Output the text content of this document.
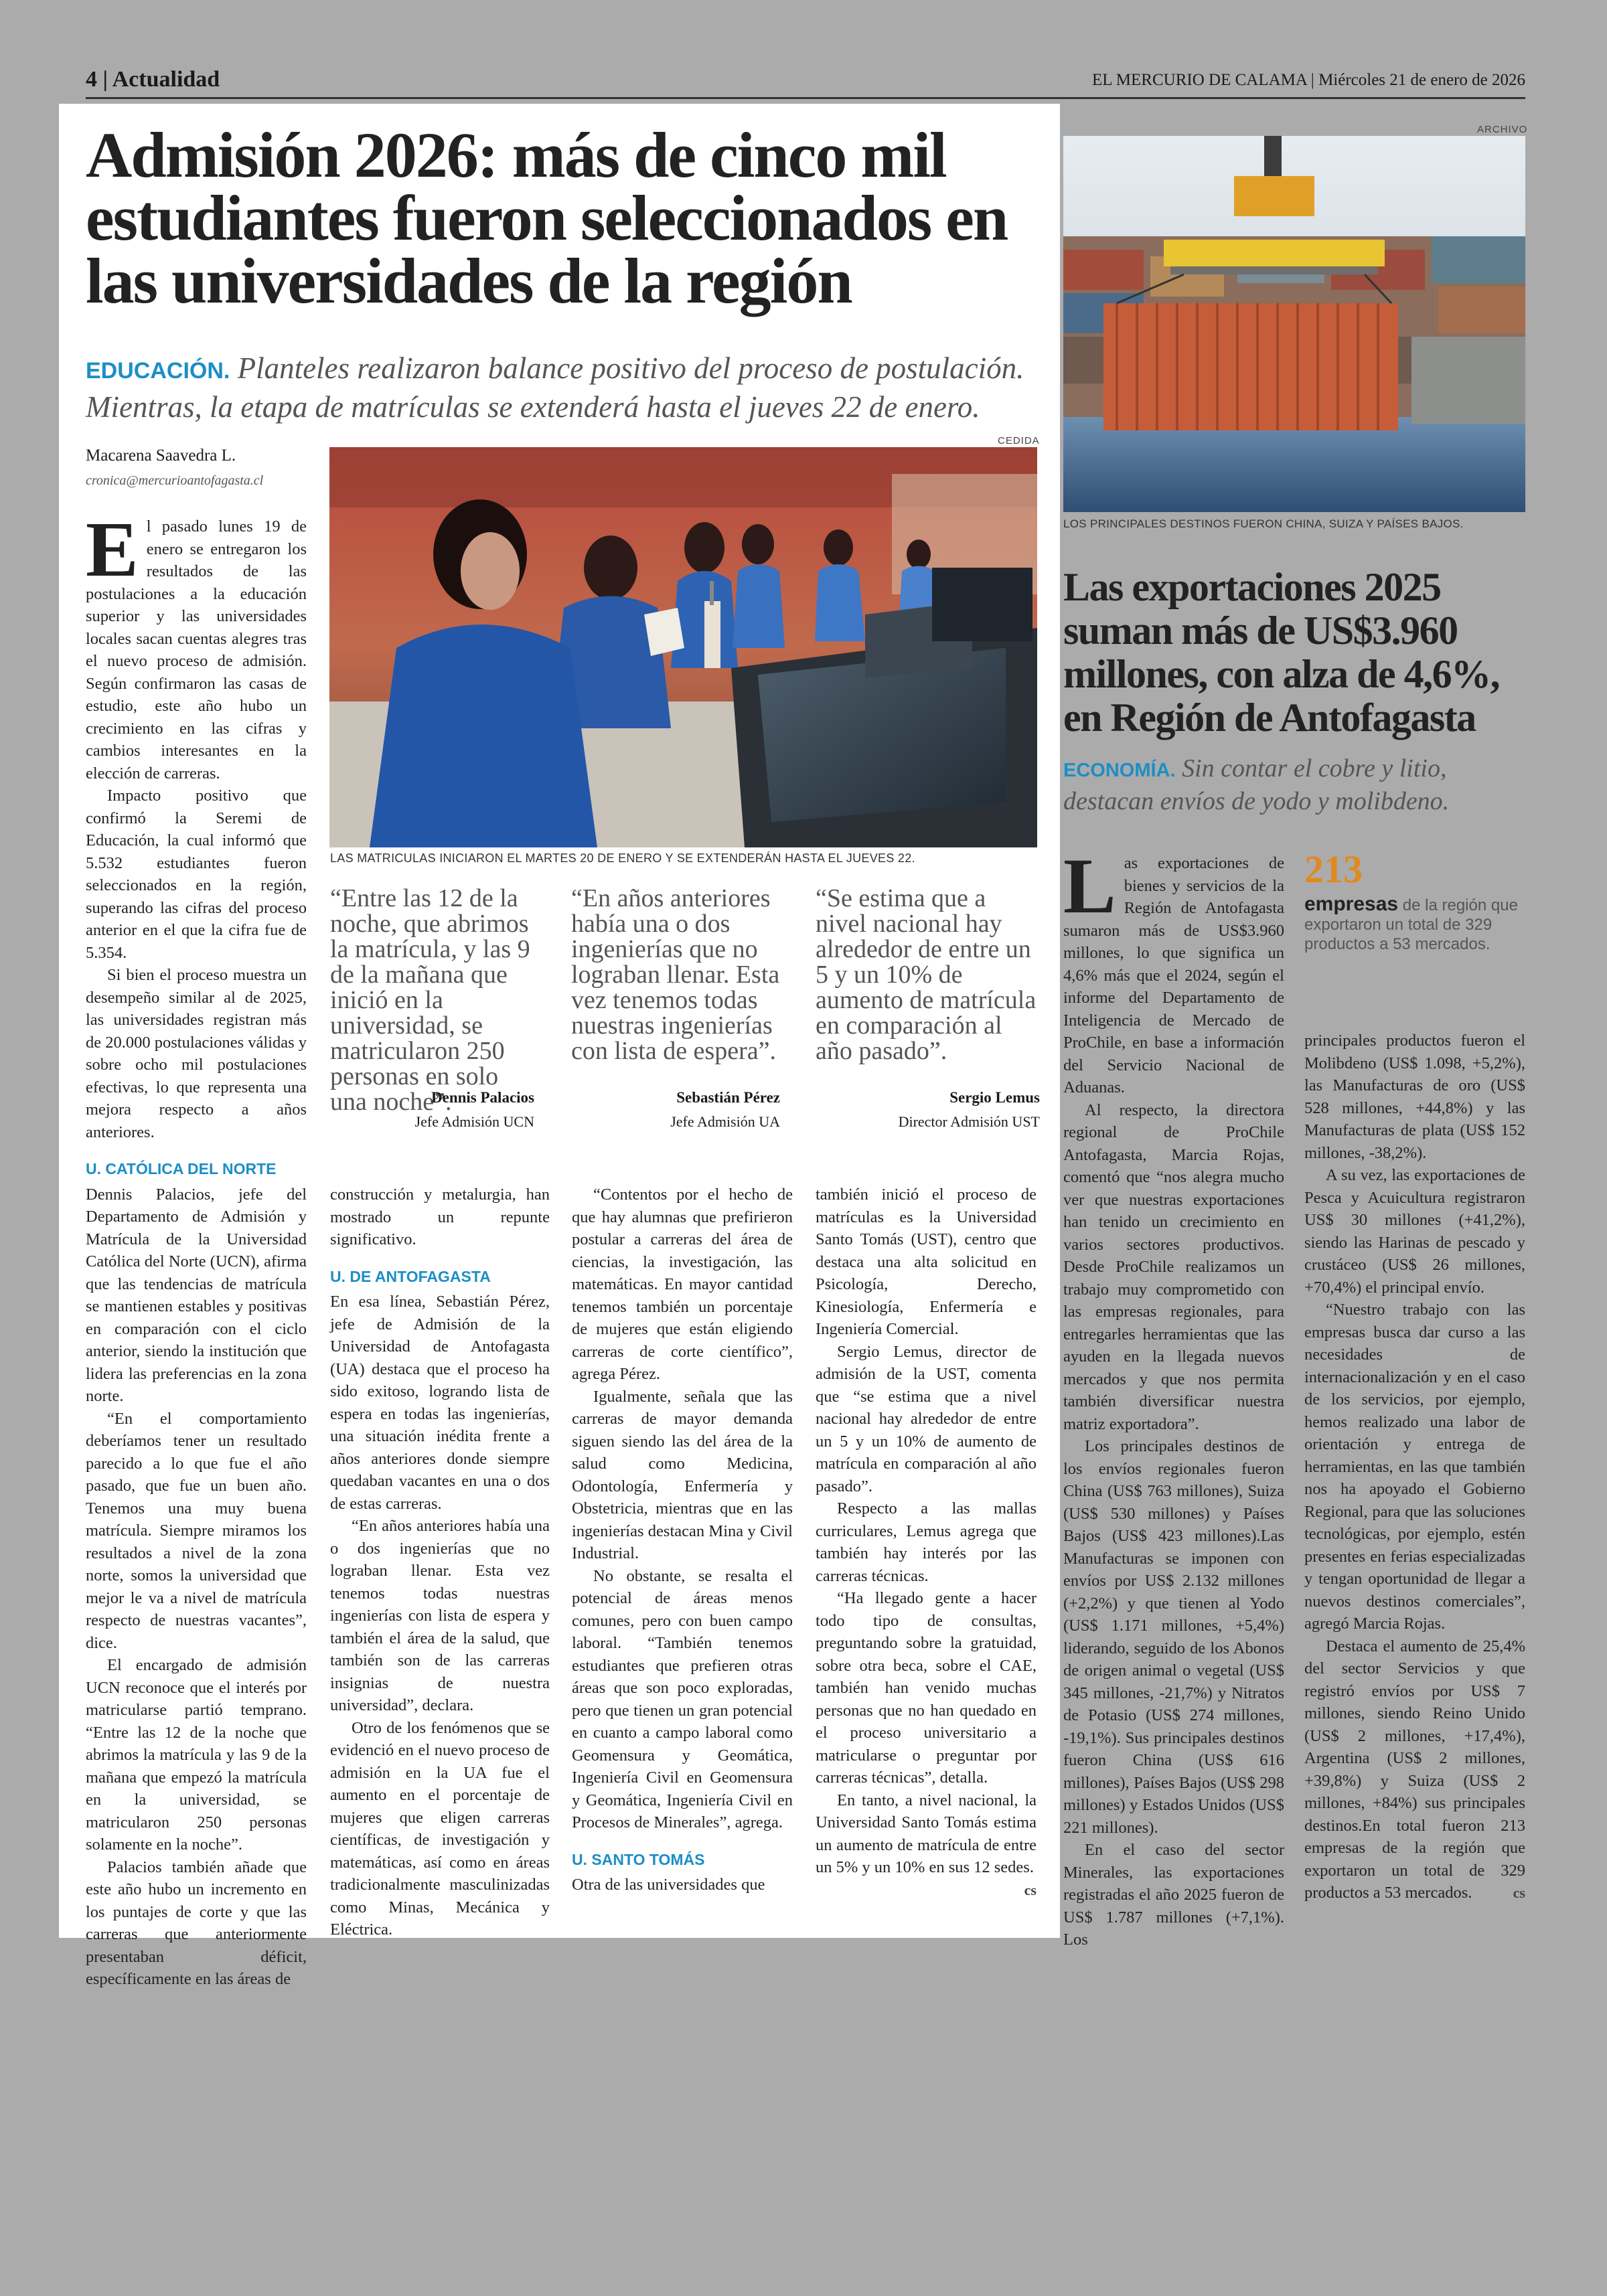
4 | Actualidad	EL MERCURIO DE CALAMA | Miércoles 21 de enero de 2026
Admisión 2026: más de cinco mil estudiantes fueron seleccionados en las universidades de la región
EDUCACIÓN. Planteles realizaron balance positivo del proceso de postulación. Mientras, la etapa de matrículas se extenderá hasta el jueves 22 de enero.
Macarena Saavedra L.
cronica@mercurioantofagasta.cl
CEDIDA
LAS MATRICULAS INICIARON EL MARTES 20 DE ENERO Y SE EXTENDERÁN HASTA EL JUEVES 22.
“Entre las 12 de la noche, que abrimos la matrícula, y las 9 de la mañana que inició en la universidad, se matricularon 250 personas en solo una noche”.
Dennis Palacios
Jefe Admisión UCN
“En años anteriores había una o dos ingenierías que no lograban llenar. Esta vez tenemos todas nuestras ingenierías con lista de espera”.
Sebastián Pérez
Jefe Admisión UA
“Se estima que a nivel nacional hay alrededor de entre un 5 y un 10% de aumento de matrícula en comparación al año pasado”.
Sergio Lemus
Director Admisión UST

El pasado lunes 19 de enero se entregaron los resultados de las postulaciones a la educación superior y las universidades locales sacan cuentas alegres tras el nuevo proceso de admisión. Según confirmaron las casas de estudio, este año hubo un crecimiento en las cifras y cambios interesantes en la elección de carreras.

Impacto positivo que confirmó la Seremi de Educación, la cual informó que 5.532 estudiantes fueron seleccionados en la región, superando las cifras del proceso anterior en el que la cifra fue de 5.354.

Si bien el proceso muestra un desempeño similar al de 2025, las universidades registran más de 20.000 postulaciones válidas y sobre ocho mil postulaciones efectivas, lo que representa una mejora respecto a años anteriores.

U. CATÓLICA DEL NORTE

Dennis Palacios, jefe del Departamento de Admisión y Matrícula de la Universidad Católica del Norte (UCN), afirma que las tendencias de matrícula se mantienen estables y positivas en comparación con el ciclo anterior, siendo la institución que lidera las preferencias en la zona norte.

“En el comportamiento deberíamos tener un resultado parecido a lo que fue el año pasado, que fue un buen año. Tenemos una muy buena matrícula. Siempre miramos los resultados a nivel de la zona norte, somos la universidad que mejor le va a nivel de matrícula respecto de nuestras vacantes”, dice.

El encargado de admisión UCN reconoce que el interés por matricularse partió temprano. “Entre las 12 de la noche que abrimos la matrícula y las 9 de la mañana que empezó la matrícula en la universidad, se matricularon 250 personas solamente en la noche”.

Palacios también añade que este año hubo un incremento en los puntajes de corte y que las carreras que anteriormente presentaban déficit, específicamente en las áreas de

construcción y metalurgia, han mostrado un repunte significativo.

U. DE ANTOFAGASTA

En esa línea, Sebastián Pérez, jefe de Admisión de la Universidad de Antofagasta (UA) destaca que el proceso ha sido exitoso, logrando lista de espera en todas las ingenierías, una situación inédita frente a años anteriores donde siempre quedaban vacantes en una o dos de estas carreras.

“En años anteriores había una o dos ingenierías que no lograban llenar. Esta vez tenemos todas nuestras ingenierías con lista de espera y también el área de la salud, que también son de las carreras insignias de nuestra universidad”, declara.

Otro de los fenómenos que se evidenció en el nuevo proceso de admisión en la UA fue el aumento en el porcentaje de mujeres que eligen carreras científicas, de investigación y matemáticas, así como en áreas tradicionalmente masculinizadas como Minas, Mecánica y Eléctrica.

“Contentos por el hecho de que hay alumnas que prefirieron postular a carreras del área de ciencias, la investigación, las matemáticas. En mayor cantidad tenemos también un porcentaje de mujeres que están eligiendo carreras de corte científico”, agrega Pérez.

Igualmente, señala que las carreras de mayor demanda siguen siendo las del área de la salud como Medicina, Odontología, Enfermería y Obstetricia, mientras que en las ingenierías destacan Mina y Civil Industrial.

No obstante, se resalta el potencial de áreas menos comunes, pero con buen campo laboral. “También tenemos estudiantes que prefieren otras áreas que son poco exploradas, pero que tienen un gran potencial en cuanto a campo laboral como Geomensura y Geomática, Ingeniería Civil en Geomensura y Geomática, Ingeniería Civil en Procesos de Minerales”, agrega.

U. SANTO TOMÁS

Otra de las universidades que

también inició el proceso de matrículas es la Universidad Santo Tomás (UST), centro que destaca una alta solicitud en Psicología, Derecho, Kinesiología, Enfermería e Ingeniería Comercial.

Sergio Lemus, director de admisión de la UST, comenta que “se estima que a nivel nacional hay alrededor de entre un 5 y un 10% de aumento de matrícula en comparación al año pasado”.

Respecto a las mallas curriculares, Lemus agrega que también hay interés por las carreras técnicas.

“Ha llegado gente a hacer todo tipo de consultas, preguntando sobre la gratuidad, sobre otra beca, sobre el CAE, también han venido muchas personas que no han quedado en el proceso universitario a matricularse o preguntar por carreras técnicas”, detalla.

En tanto, a nivel nacional, la Universidad Santo Tomás estima un aumento de matrícula de entre un 5% y un 10% en sus 12 sedes.
cs

ARCHIVO
LOS PRINCIPALES DESTINOS FUERON CHINA, SUIZA Y PAÍSES BAJOS.
Las exportaciones 2025 suman más de US$3.960 millones, con alza de 4,6%, en Región de Antofagasta
ECONOMÍA. Sin contar el cobre y litio, destacan envíos de yodo y molibdeno.
213
empresas de la región que exportaron un total de 329 productos a 53 mercados.

Las exportaciones de bienes y servicios de la Región de Antofagasta sumaron más de US$3.960 millones, lo que significa un 4,6% más que el 2024, según el informe del Departamento de Inteligencia de Mercado de ProChile, en base a información del Servicio Nacional de Aduanas.

Al respecto, la directora regional de ProChile Antofagasta, Marcia Rojas, comentó que “nos alegra mucho ver que nuestras exportaciones han tenido un crecimiento en varios sectores productivos. Desde ProChile realizamos un trabajo muy comprometido con las empresas regionales, para entregarles herramientas que las ayuden en la llegada nuevos mercados y que nos permita también diversificar nuestra matriz exportadora”.

Los principales destinos de los envíos regionales fueron China (US$ 763 millones), Suiza (US$ 530 millones) y Países Bajos (US$ 423 millones).Las Manufacturas se imponen con envíos por US$ 2.132 millones (+2,2%) y que tienen al Yodo (US$ 1.171 millones, +5,4%) liderando, seguido de los Abonos de origen animal o vegetal (US$ 345 millones, -21,7%) y Nitratos de Potasio (US$ 274 millones, -19,1%). Sus principales destinos fueron China (US$ 616 millones), Países Bajos (US$ 298 millones) y Estados Unidos (US$ 221 millones).

En el caso del sector Minerales, las exportaciones registradas el año 2025 fueron de US$ 1.787 millones (+7,1%). Los

principales productos fueron el Molibdeno (US$ 1.098, +5,2%), las Manufacturas de oro (US$ 528 millones, +44,8%) y las Manufacturas de plata (US$ 152 millones, -38,2%).

A su vez, las exportaciones de Pesca y Acuicultura registraron US$ 30 millones (+41,2%), siendo las Harinas de pescado y crustáceo (US$ 26 millones, +70,4%) el principal envío.

“Nuestro trabajo con las empresas busca dar curso a las necesidades de internacionalización y en el caso de los servicios, por ejemplo, hemos realizado una labor de orientación y entrega de herramientas, en las que también nos ha apoyado el Gobierno Regional, para que las soluciones tecnológicas, por ejemplo, estén presentes en ferias especializadas y tengan oportunidad de llegar a nuevos destinos comerciales”, agregó Marcia Rojas.

Destaca el aumento de 25,4% del sector Servicios y que registró envíos por US$ 7 millones, siendo Reino Unido (US$ 2 millones, +17,4%), Argentina (US$ 2 millones, +39,8%) y Suiza (US$ 2 millones, +84%) sus principales destinos.En total fueron 213 empresas de la región que exportaron un total de 329 productos a 53 mercados.	cs
